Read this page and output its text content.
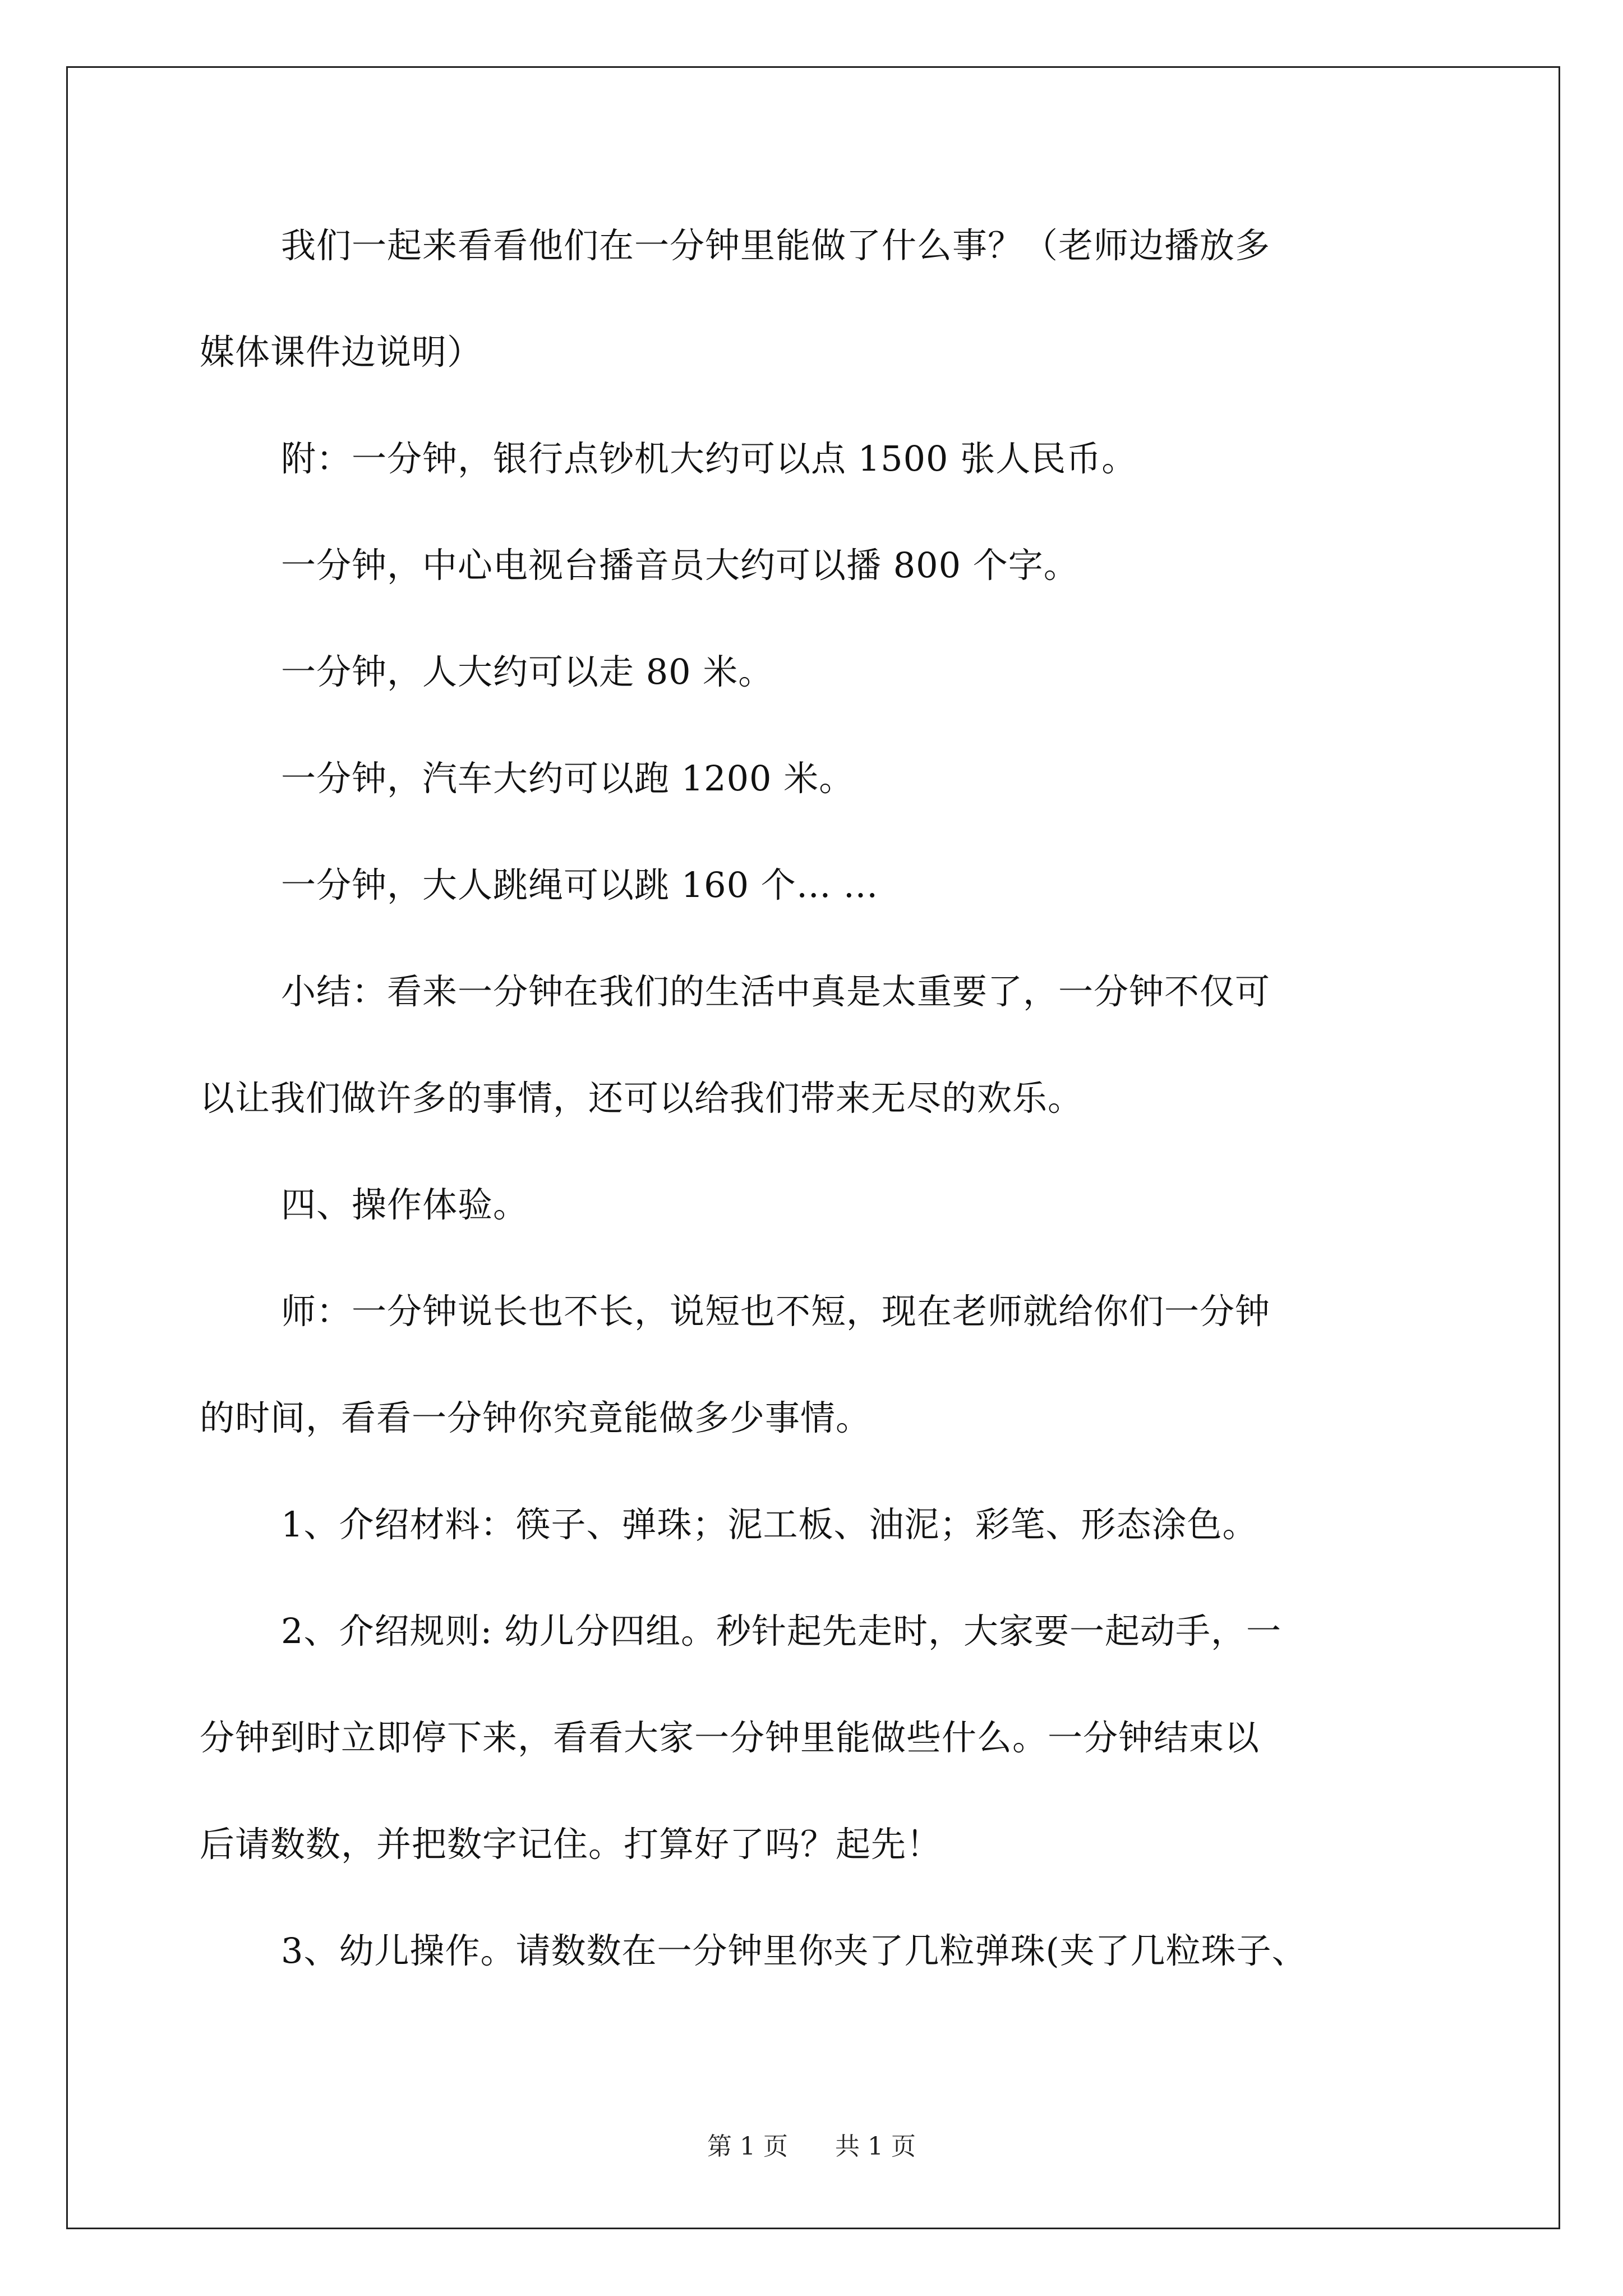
我们一起来看看他们在一分钟里能做了什么事？（老师边播放多
媒体课件边说明）
附：一分钟，银行点钞机大约可以点 1500 张人民币。
一分钟，中心电视台播音员大约可以播 800 个字。
一分钟，人大约可以走 80 米。
一分钟，汽车大约可以跑 1200 米。
一分钟，大人跳绳可以跳 160 个… …
小结：看来一分钟在我们的生活中真是太重要了，一分钟不仅可
以让我们做许多的事情，还可以给我们带来无尽的欢乐。
四、操作体验。
师：一分钟说长也不长，说短也不短，现在老师就给你们一分钟
的时间，看看一分钟你究竟能做多少事情。
1、介绍材料：筷子、弹珠；泥工板、油泥；彩笔、形态涂色。
2、介绍规则: 幼儿分四组。秒针起先走时，大家要一起动手，一
分钟到时立即停下来，看看大家一分钟里能做些什么。一分钟结束以
后请数数，并把数字记住。打算好了吗？起先！
3、幼儿操作。请数数在一分钟里你夹了几粒弹珠(夹了几粒珠子、
第 1 页 共 1 页
